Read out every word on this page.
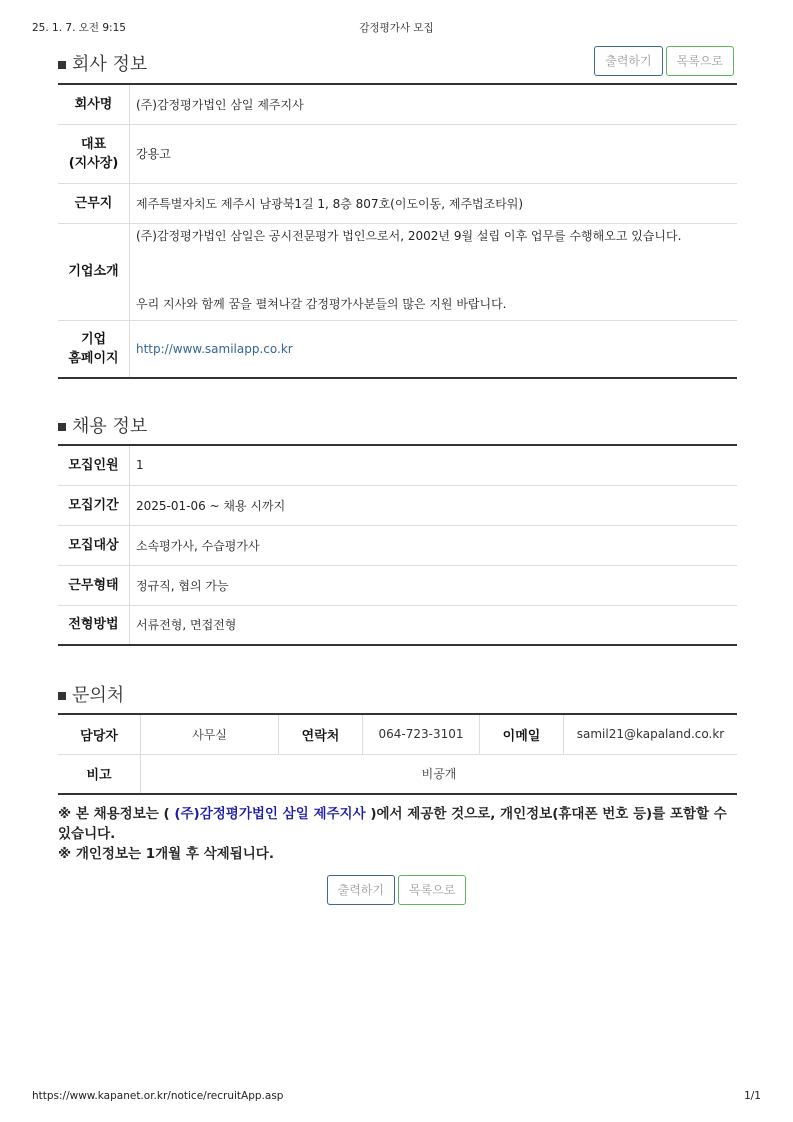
25. 1. 7. 오전 9:15	감정평가사 모집
회사 정보	출력하기	목록으로
회사명	(주)감정평가법인 삼일 제주지사

대표
(지사장)	강용고
근무지	제주특별자치도 제주시 남광북1길 1, 8층 807호(이도이동, 제주법조타워)
기업소개	(주)감정평가법인 삼일은 공시전문평가 법인으로서, 2002년 9월 설립 이후 업무를 수행해오고 있습니다.
우리 지사와 함께 꿈을 펼쳐나갈 감정평가사분들의 많은 지원 바랍니다.

기업
홈페이지	http://www.samilapp.co.kr
채용 정보
모집인원	1
모집기간	2025-01-06 ~ 채용 시까지
모집대상	소속평가사, 수습평가사
근무형태	정규직, 협의 가능
전형방법	서류전형, 면접전형
문의처
담당자	사무실	연락처	064-723-3101	이메일	samil21@kapaland.co.kr
비고	비공개				
※ 본 채용정보는 ( (주)감정평가법인 삼일 제주지사 )에서 제공한 것으로, 개인정보(휴대폰 번호 등)를 포함할 수 있습니다.
※ 개인정보는 1개월 후 삭제됩니다.
출력하기	목록으로
https://www.kapanet.or.kr/notice/recruitApp.asp	1/1
